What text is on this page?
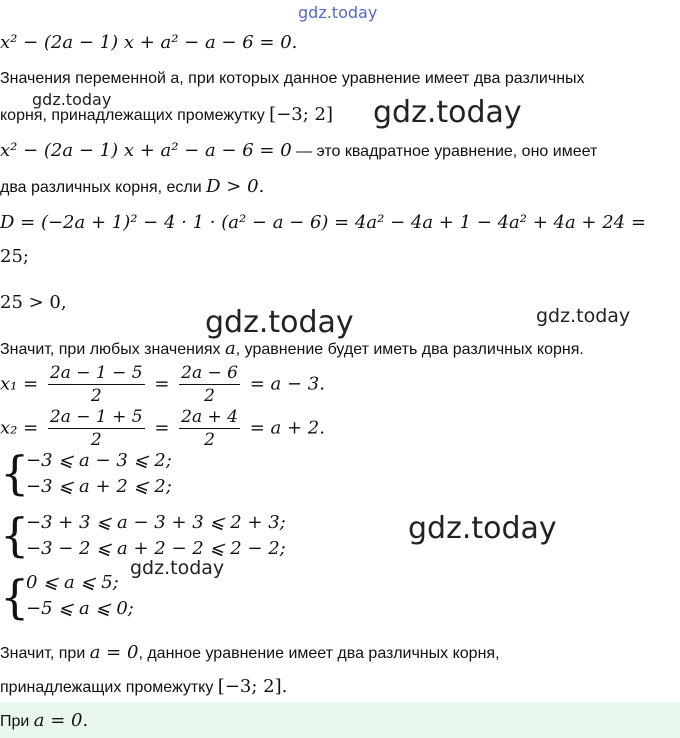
gdz.today
gdz.today	gdz.today
gdz.today	gdz.today
gdz.today
gdz.today
x² − (2a − 1) x + a² − a − 6 = 0.
Значения переменной a, при которых данное уравнение имеет два различных
корня, принадлежащих промежутку [−3; 2]
x² − (2a − 1) x + a² − a − 6 = 0 — это квадратное уравнение, оно имеет
два различных корня, если D > 0.
D = (−2a + 1)² − 4 · 1 · (a² − a − 6) = 4a² − 4a + 1 − 4a² + 4a + 24 =
25;
25 > 0,
Значит, при любых значениях a, уравнение будет иметь два различных корня.
$x_1 = \frac{2a - 1 - 5}{2} = \frac{2a - 6}{2} = a - 3$.
$x_2 = \frac{2a - 1 + 5}{2} = \frac{2a + 4}{2} = a + 2$.
{
−3 ⩽ a − 3 ⩽ 2;
−3 ⩽ a + 2 ⩽ 2;
{
−3 + 3 ⩽ a − 3 + 3 ⩽ 2 + 3;
−3 − 2 ⩽ a + 2 − 2 ⩽ 2 − 2;
{
0 ⩽ a ⩽ 5;
−5 ⩽ a ⩽ 0;
Значит, при a = 0, данное уравнение имеет два различных корня,
принадлежащих промежутку [−3; 2].
При a = 0.
